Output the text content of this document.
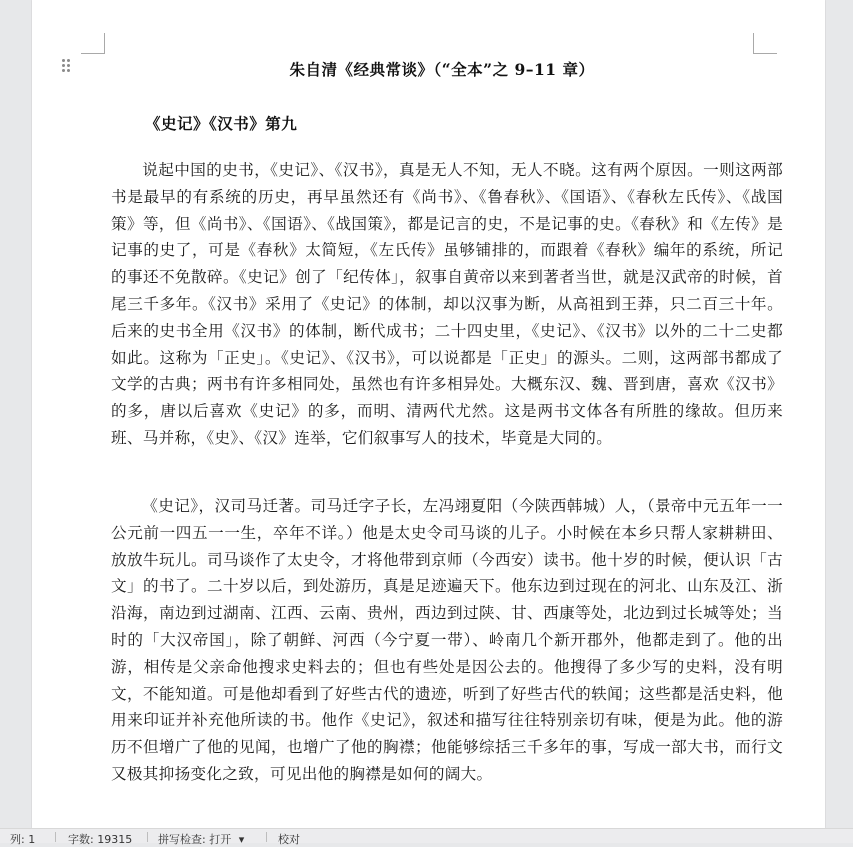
朱自清《经典常谈》（“全本”之 9–11 章）
《史记》《汉书》第九

说起中国的史书，《史记》、《汉书》，真是无人不知，无人不晓。这有两个原因。一则这两部书是最早的有系统的历史，再早虽然还有《尚书》、《鲁春秋》、《国语》、《春秋左氏传》、《战国策》等，但《尚书》、《国语》、《战国策》，都是记言的史，不是记事的史。《春秋》和《左传》是记事的史了，可是《春秋》太简短，《左氏传》虽够铺排的，而跟着《春秋》编年的系统，所记的事还不免散碎。《史记》创了「纪传体」，叙事自黄帝以来到著者当世，就是汉武帝的时候，首尾三千多年。《汉书》采用了《史记》的体制，却以汉事为断，从高祖到王莽，只二百三十年。后来的史书全用《汉书》的体制，断代成书；二十四史里，《史记》、《汉书》以外的二十二史都如此。这称为「正史」。《史记》、《汉书》，可以说都是「正史」的源头。二则，这两部书都成了文学的古典；两书有许多相同处，虽然也有许多相异处。大概东汉、魏、晋到唐，喜欢《汉书》的多，唐以后喜欢《史记》的多，而明、清两代尤然。这是两书文体各有所胜的缘故。但历来班、马并称，《史》、《汉》连举，它们叙事写人的技术，毕竟是大同的。

《史记》，汉司马迁著。司马迁字子长，左冯翊夏阳（今陕西韩城）人，（景帝中元五年一一公元前一四五一一生，卒年不详。）他是太史令司马谈的儿子。小时候在本乡只帮人家耕耕田、放放牛玩儿。司马谈作了太史令，才将他带到京师（今西安）读书。他十岁的时候，便认识「古文」的书了。二十岁以后，到处游历，真是足迹遍天下。他东边到过现在的河北、山东及江、浙沿海，南边到过湖南、江西、云南、贵州，西边到过陕、甘、西康等处，北边到过长城等处；当时的「大汉帝国」，除了朝鲜、河西（今宁夏一带）、岭南几个新开郡外，他都走到了。他的出游，相传是父亲命他搜求史料去的；但也有些处是因公去的。他搜得了多少写的史料，没有明文，不能知道。可是他却看到了好些古代的遗迹，听到了好些古代的轶闻；这些都是活史料，他用来印证并补充他所读的书。他作《史记》，叙述和描写往往特别亲切有味，便是为此。他的游历不但增广了他的见闻，也增广了他的胸襟；他能够综括三千多年的事，写成一部大书，而行文又极其抑扬变化之致，可见出他的胸襟是如何的阔大。

列: 1	字数: 19315 拼写检查: 打开 ▾	校对
